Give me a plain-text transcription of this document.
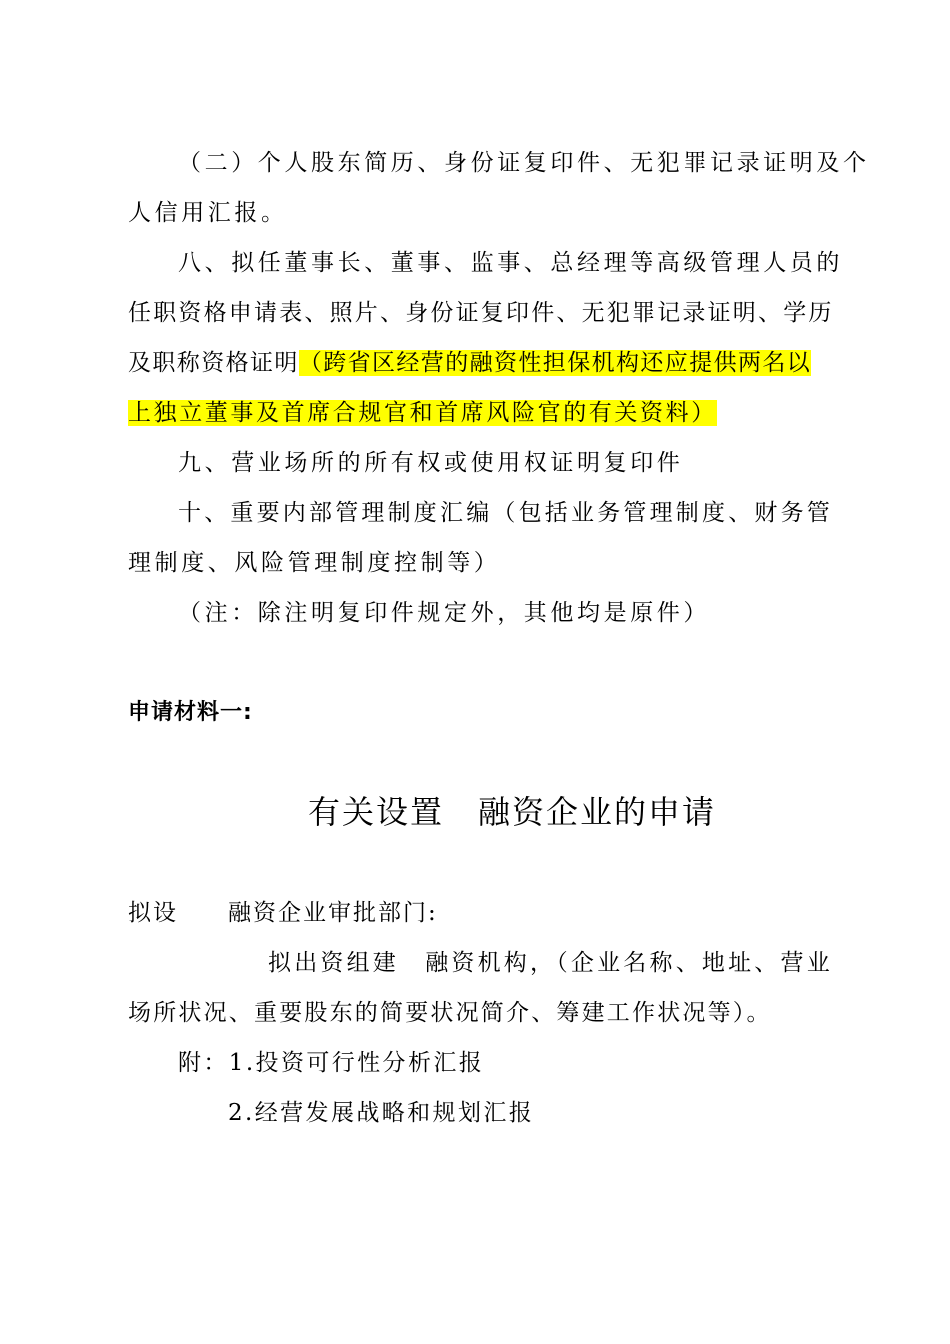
（二）个人股东简历、身份证复印件、无犯罪记录证明及个
人信用汇报。
八、拟任董事长、董事、监事、总经理等高级管理人员的
任职资格申请表、照片、身份证复印件、无犯罪记录证明、学历
及职称资格证明（跨省区经营的融资性担保机构还应提供两名以
上独立董事及首席合规官和首席风险官的有关资料）
九、营业场所的所有权或使用权证明复印件
十、重要内部管理制度汇编（包括业务管理制度、财务管
理制度、风险管理制度控制等）
（注：除注明复印件规定外，其他均是原件）
申请材料一:
有关设置　融资企业的申请
拟设　　融资企业审批部门:
拟出资组建　融资机构，（企业名称、地址、营业
场所状况、重要股东的简要状况简介、筹建工作状况等）。
附：1.投资可行性分析汇报
2.经营发展战略和规划汇报
